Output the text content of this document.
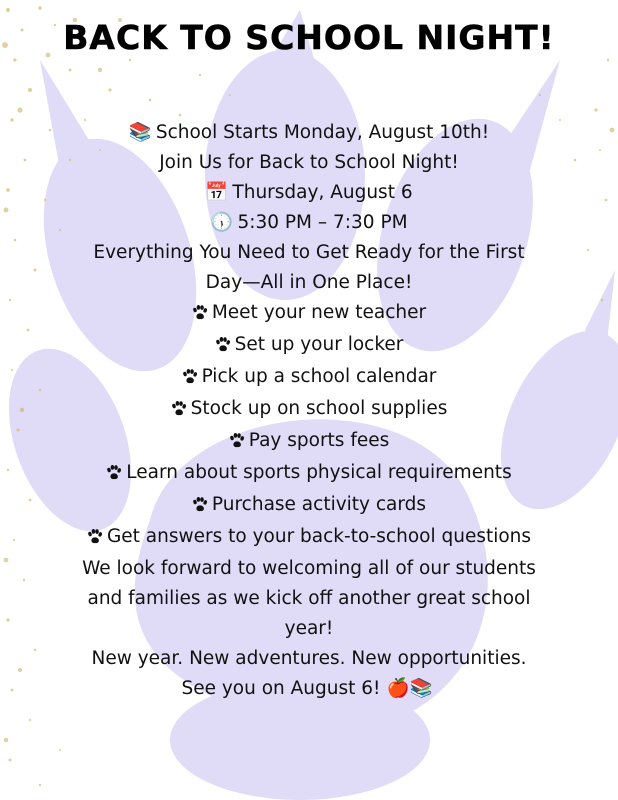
BACK TO SCHOOL NIGHT!
📚 School Starts Monday, August 10th!
Join Us for Back to School Night!
📅 Thursday, August 6
🕠 5:30 PM – 7:30 PM
Everything You Need to Get Ready for the First
Day—All in One Place!
Meet your new teacher
Set up your locker
Pick up a school calendar
Stock up on school supplies
Pay sports fees
Learn about sports physical requirements
Purchase activity cards
Get answers to your back-to-school questions
We look forward to welcoming all of our students
and families as we kick off another great school
year!
New year. New adventures. New opportunities.
See you on August 6! 🍎📚
